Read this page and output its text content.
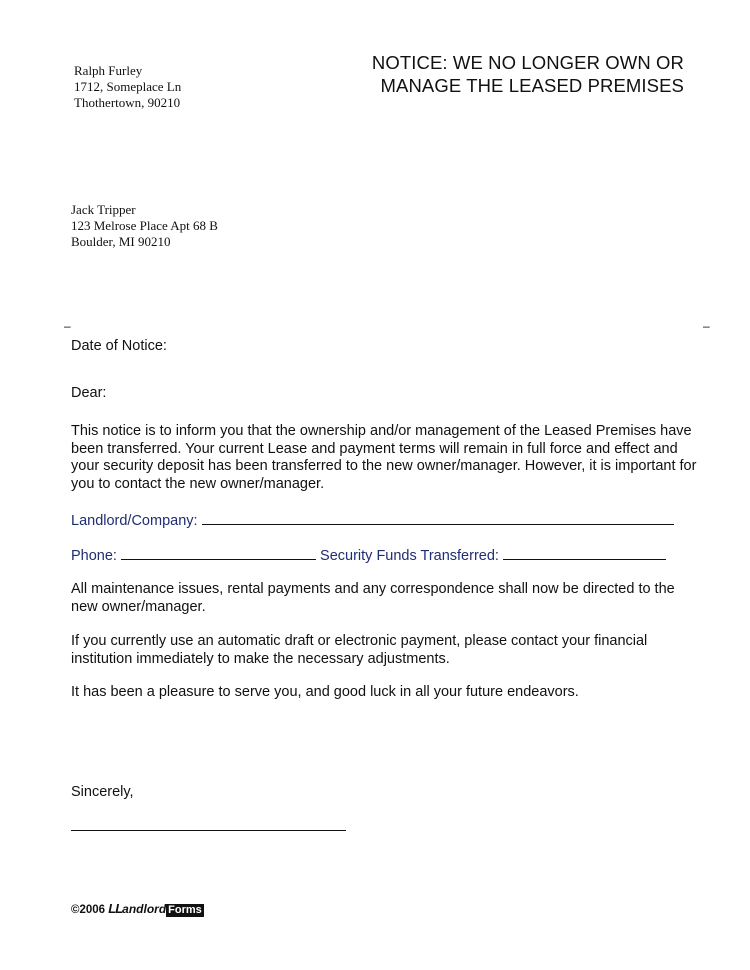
Ralph Furley
1712, Someplace Ln
Thothertown, 90210
NOTICE: WE NO LONGER OWN OR
MANAGE THE LEASED PREMISES
Jack Tripper
123 Melrose Place Apt 68 B
Boulder, MI 90210
–	–
Date of Notice:
Dear:
This notice is to inform you that the ownership and/or management of the Leased Premises have been transferred. Your current Lease and payment terms will remain in full force and effect and your security deposit has been transferred to the new owner/manager. However, it is important for you to contact the new owner/manager.
Landlord/Company:
Phone:	Security Funds Transferred:
All maintenance issues, rental payments and any correspondence shall now be directed to the new owner/manager.
If you currently use an automatic draft or electronic payment, please contact your financial institution immediately to make the necessary adjustments.
It has been a pleasure to serve you, and good luck in all your future endeavors.
Sincerely,
©2006 LLandlord Forms
